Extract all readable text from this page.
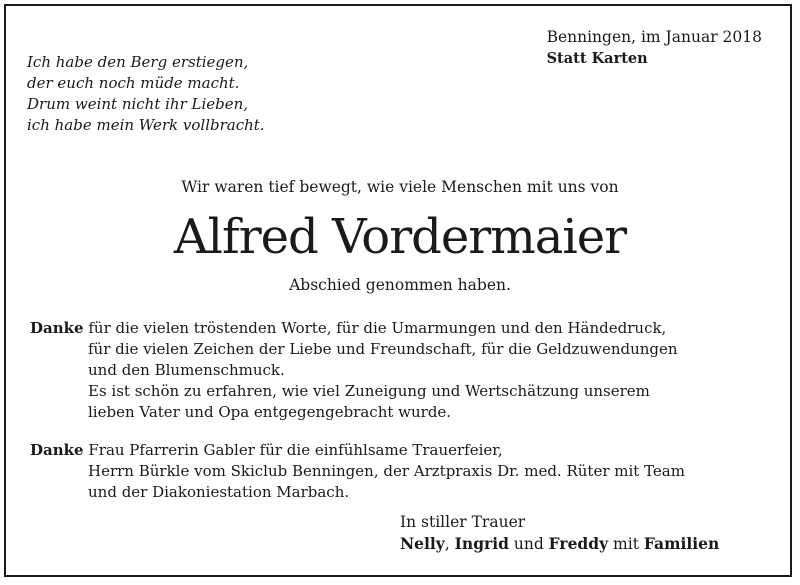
Ich habe den Berg erstiegen,
der euch noch müde macht.
Drum weint nicht ihr Lieben,
ich habe mein Werk vollbracht.
Benningen, im Januar 2018
Statt Karten
Wir waren tief bewegt, wie viele Menschen mit uns von
Alfred Vordermaier
Abschied genommen haben.
Danke für die vielen tröstenden Worte, für die Umarmungen und den Händedruck,
für die vielen Zeichen der Liebe und Freundschaft, für die Geldzuwendungen
und den Blumenschmuck.
Es ist schön zu erfahren, wie viel Zuneigung und Wertschätzung unserem
lieben Vater und Opa entgegengebracht wurde.
Danke Frau Pfarrerin Gabler für die einfühlsame Trauerfeier,
Herrn Bürkle vom Skiclub Benningen, der Arztpraxis Dr. med. Rüter mit Team
und der Diakoniestation Marbach.
In stiller Trauer
Nelly, Ingrid und Freddy mit Familien
